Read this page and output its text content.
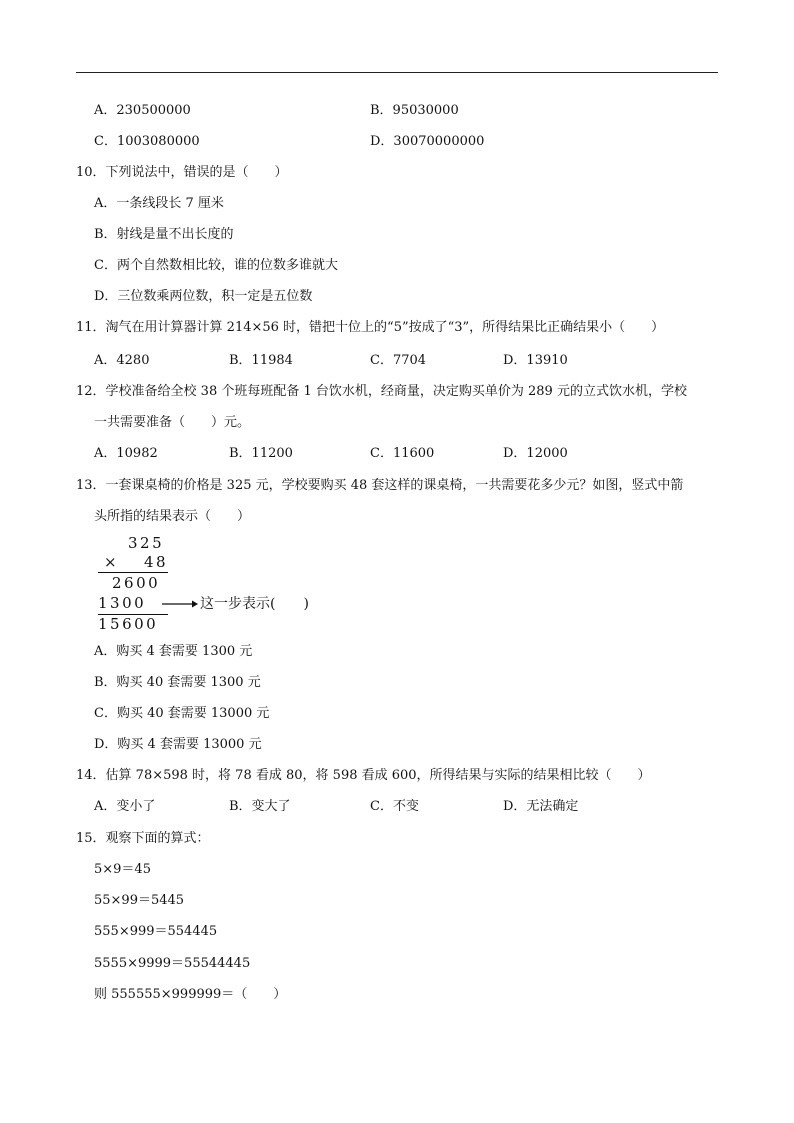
A．230500000	B．95030000
C．1003080000	D．30070000000
10．下列说法中，错误的是（　　）
A．一条线段长 7 厘米
B．射线是量不出长度的
C．两个自然数相比较，谁的位数多谁就大
D．三位数乘两位数，积一定是五位数
11．淘气在用计算器计算 214×56 时，错把十位上的“5”按成了“3”，所得结果比正确结果小（　　）
A．4280	B．11984	C．7704	D．13910
12．学校准备给全校 38 个班每班配备 1 台饮水机，经商量，决定购买单价为 289 元的立式饮水机，学校
一共需要准备（　　）元。
A．10982	B．11200	C．11600	D．12000
13．一套课桌椅的价格是 325 元，学校要购买 48 套这样的课桌椅，一共需要花多少元？如图，竖式中箭
头所指的结果表示（　　）
325
× 48
2600
1300	这一步表示(　　)
15600
A．购买 4 套需要 1300 元
B．购买 40 套需要 1300 元
C．购买 40 套需要 13000 元
D．购买 4 套需要 13000 元
14．估算 78×598 时，将 78 看成 80，将 598 看成 600，所得结果与实际的结果相比较（　　）
A．变小了	B．变大了	C．不变	D．无法确定
15．观察下面的算式：
5×9＝45
55×99＝5445
555×999＝554445
5555×9999＝55544445
则 555555×999999＝（　　）
